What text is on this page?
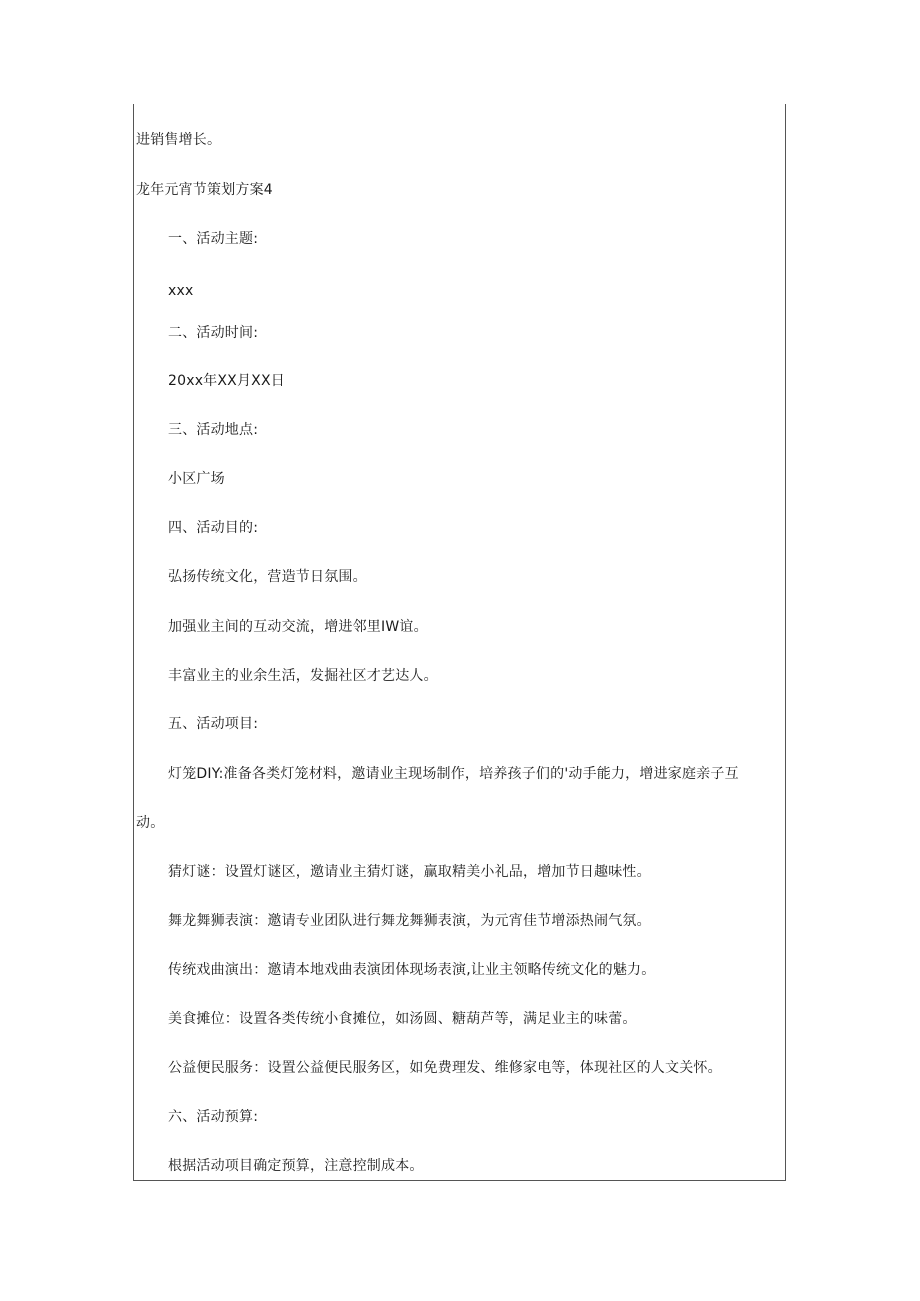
进销售增长。
龙年元宵节策划方案4
一、活动主题:
xxx
二、活动时间:
20xx年XX月XX日
三、活动地点:
小区广场
四、活动目的:
弘扬传统文化，营造节日氛围。
加强业主间的互动交流，增进邻里IW谊。
丰富业主的业余生活，发掘社区才艺达人。
五、活动项目:
灯笼DIY:准备各类灯笼材料，邀请业主现场制作，培养孩子们的'动手能力，增进家庭亲子互
动。
猜灯谜：设置灯谜区，邀请业主猜灯谜，赢取精美小礼品，增加节日趣味性。
舞龙舞狮表演：邀请专业团队进行舞龙舞狮表演，为元宵佳节增添热闹气氛。
传统戏曲演出：邀请本地戏曲表演团体现场表演,让业主领略传统文化的魅力。
美食摊位：设置各类传统小食摊位，如汤圆、糖葫芦等，满足业主的味蕾。
公益便民服务：设置公益便民服务区，如免费理发、维修家电等，体现社区的人文关怀。
六、活动预算:
根据活动项目确定预算，注意控制成本。
